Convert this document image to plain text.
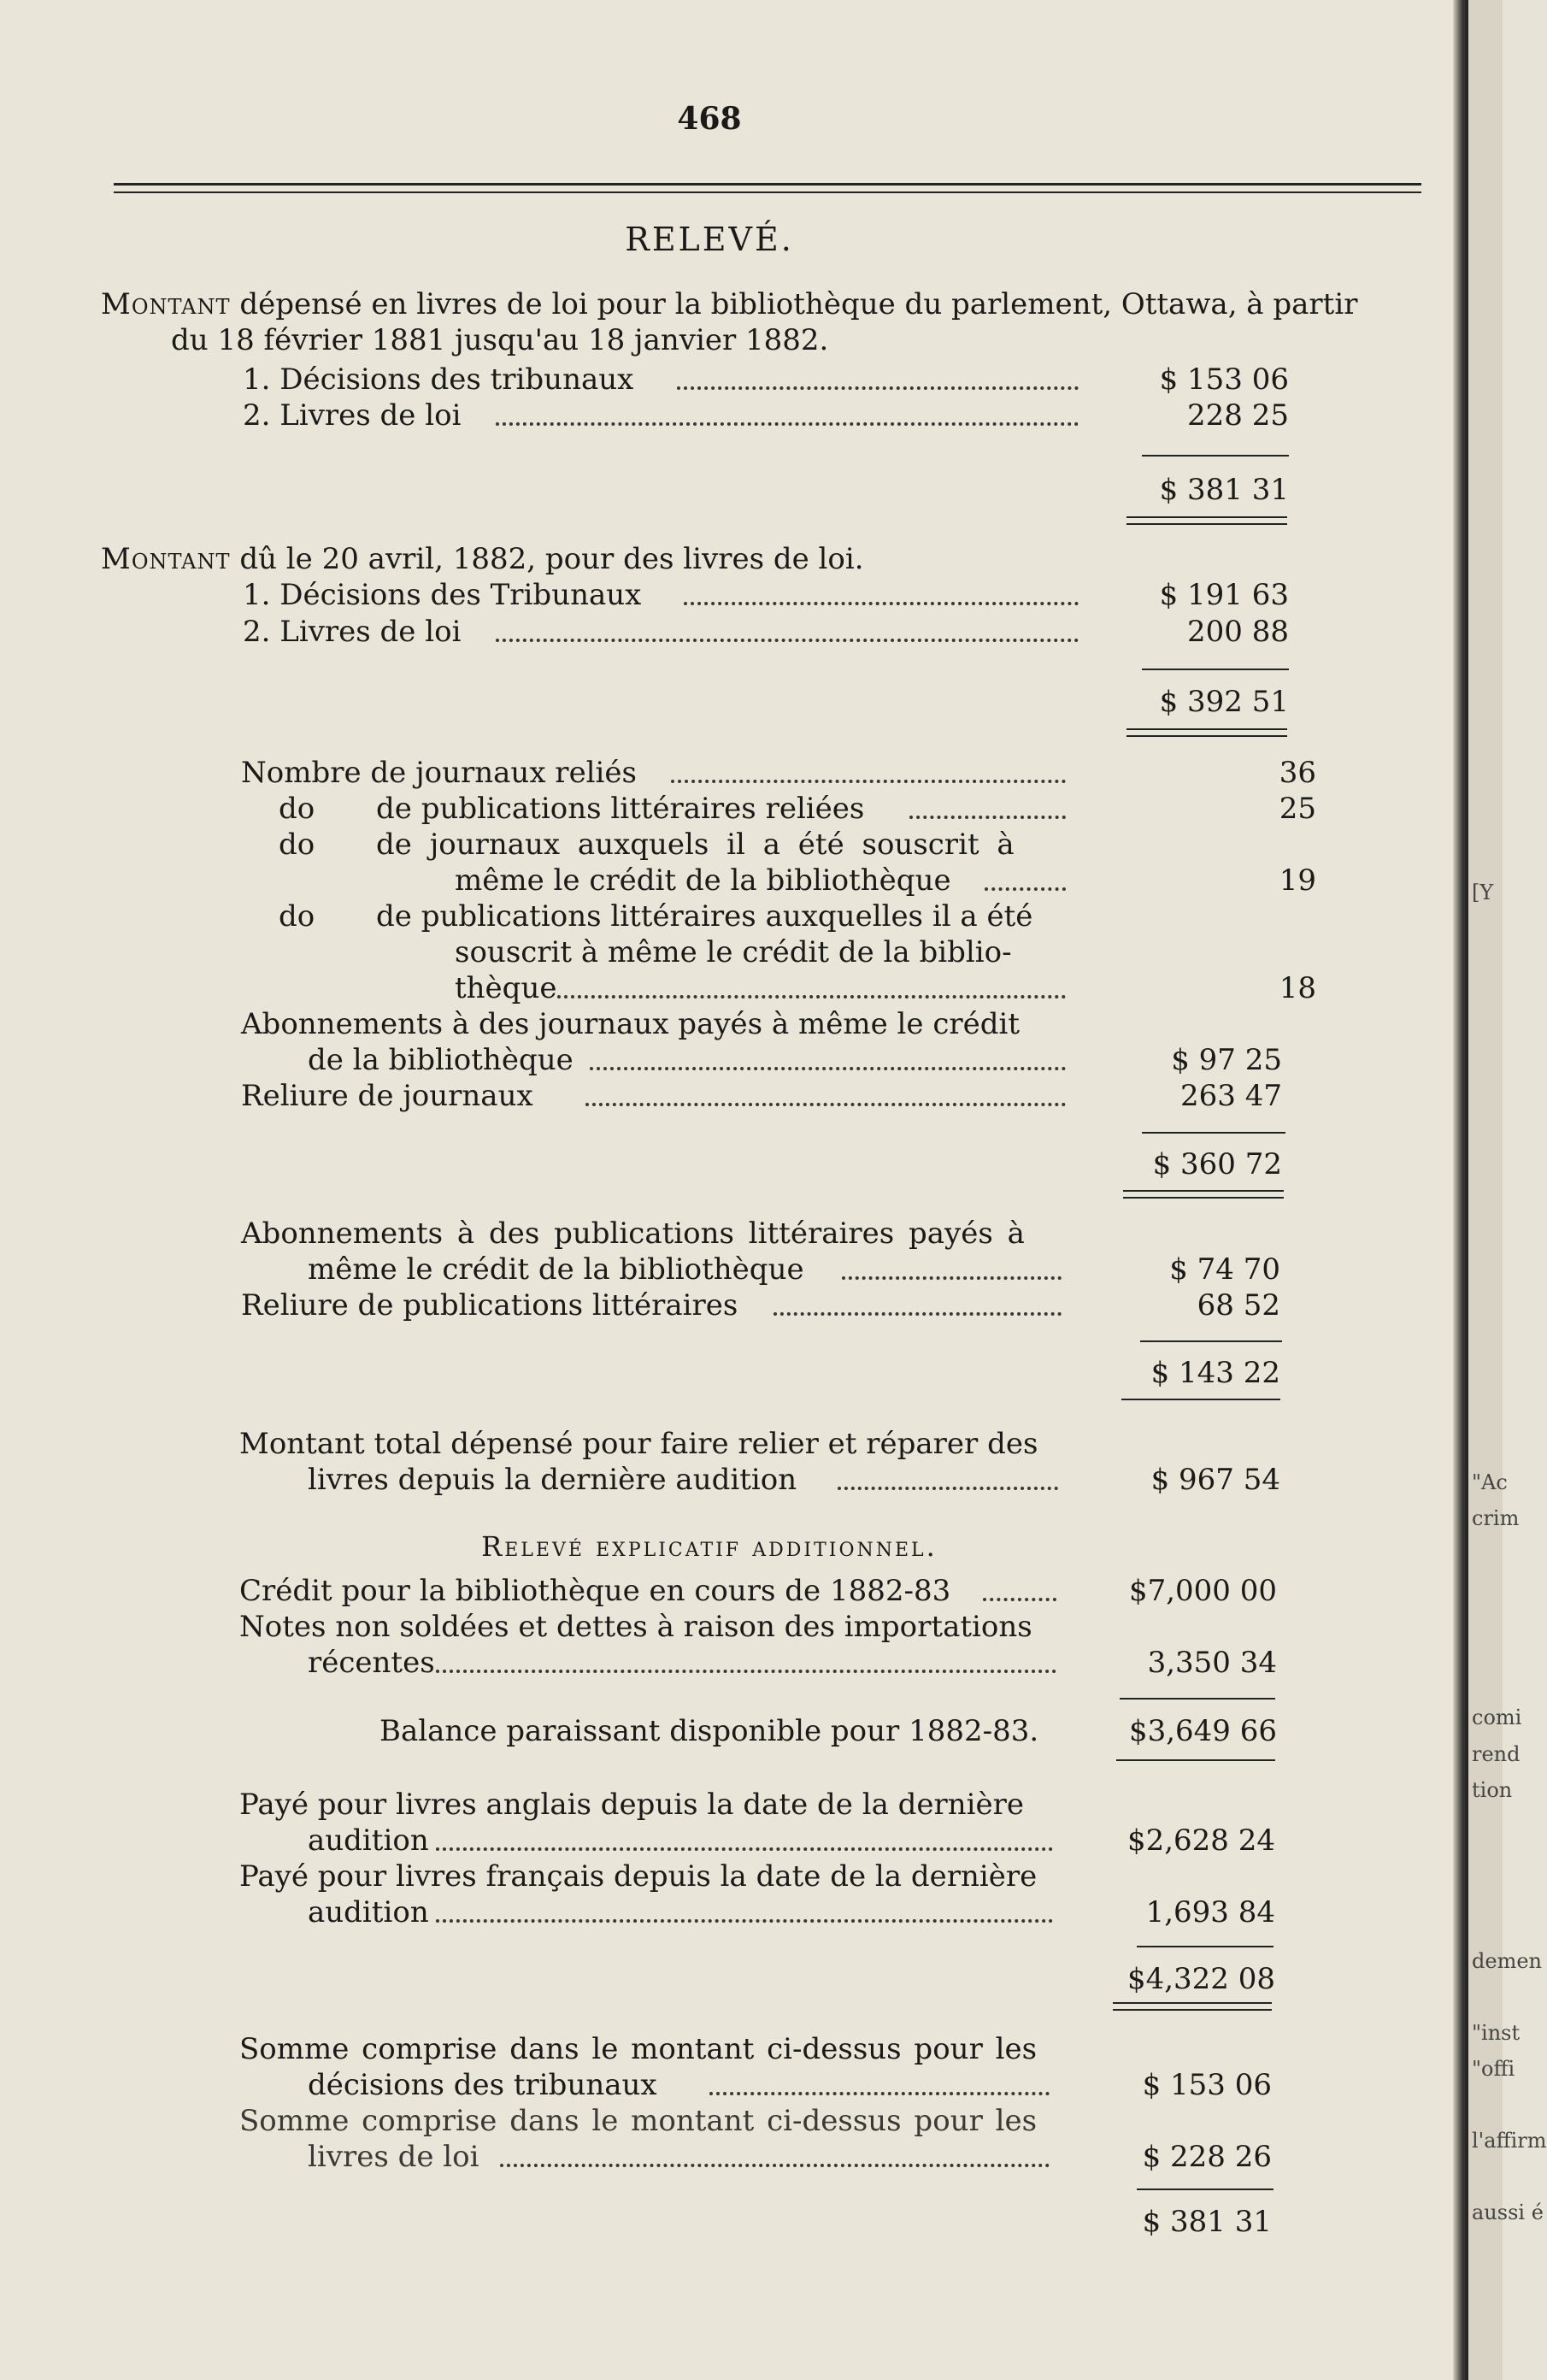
468
RELEVÉ.
Montant dépensé en livres de loi pour la bibliothèque du parlement, Ottawa, à partir
du 18 février 1881 jusqu'au 18 janvier 1882.
1. Décisions des tribunaux	$ 153 06
2. Livres de loi	228 25
$ 381 31
Montant dû le 20 avril, 1882, pour des livres de loi.
1. Décisions des Tribunaux	$ 191 63
2. Livres de loi	200 88
$ 392 51
Nombre de journaux reliés	36
do de publications littéraires reliées	25
do de journaux auxquels il a été souscrit à
même le crédit de la bibliothèque	19
do de publications littéraires auxquelles il a été
souscrit à même le crédit de la biblio-
thèque	18
Abonnements à des journaux payés à même le crédit
de la bibliothèque	$ 97 25
Reliure de journaux	263 47
$ 360 72
Abonnements à des publications littéraires payés à
même le crédit de la bibliothèque	$ 74 70
Reliure de publications littéraires	68 52
$ 143 22
Montant total dépensé pour faire relier et réparer des
livres depuis la dernière audition	$ 967 54
Relevé explicatif additionnel.
Crédit pour la bibliothèque en cours de 1882-83	$7,000 00
Notes non soldées et dettes à raison des importations
récentes	3,350 34
Balance paraissant disponible pour 1882-83.	$3,649 66
Payé pour livres anglais depuis la date de la dernière
audition	$2,628 24
Payé pour livres français depuis la date de la dernière
audition	1,693 84
$4,322 08
Somme comprise dans le montant ci-dessus pour les
décisions des tribunaux	$ 153 06
Somme comprise dans le montant ci-dessus pour les
livres de loi	$ 228 26
$ 381 31
[Y
"Ac
crim
comi
rend
tion
demen
"inst
"offi
l'affirm
aussi é
